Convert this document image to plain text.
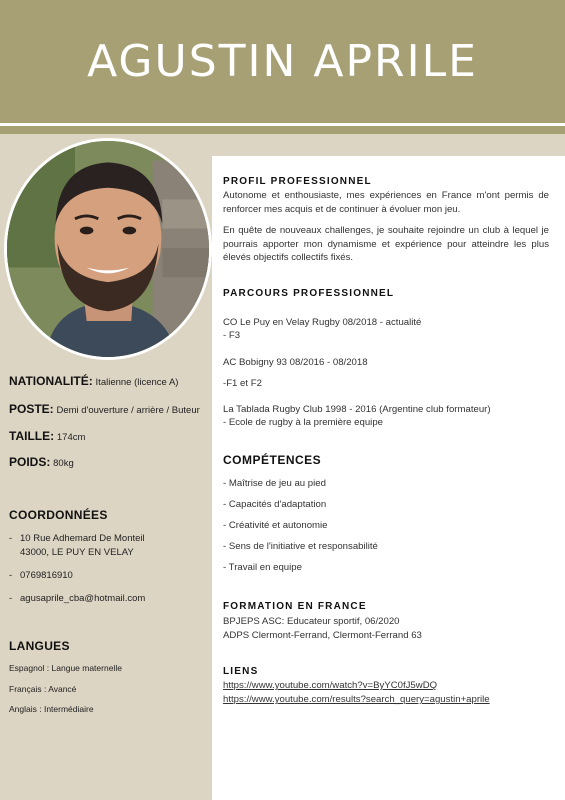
AGUSTIN APRILE
NATIONALITÉ: Italienne (licence A)
POSTE: Demi d'ouverture / arrière / Buteur
TAILLE: 174cm
POIDS: 80kg
COORDONNÉES
- 10 Rue Adhemard De Monteil
43000, LE PUY EN VELAY
- 0769816910
- agusaprile_cba@hotmail.com
LANGUES
Espagnol : Langue maternelle
Français : Avancé
Anglais : Intermédiaire
PROFIL PROFESSIONNEL
Autonome et enthousiaste, mes expériences en France m'ont permis de renforcer mes acquis et de continuer à évoluer mon jeu.
En quête de nouveaux challenges, je souhaite rejoindre un club à lequel je pourrais apporter mon dynamisme et expérience pour atteindre les plus élevés objectifs collectifs fixés.
PARCOURS PROFESSIONNEL
CO Le Puy en Velay Rugby 08/2018 - actualité
- F3
AC Bobigny 93 08/2016 - 08/2018
-F1 et F2
La Tablada Rugby Club 1998 - 2016 (Argentine club formateur)
- Ecole de rugby à la première equipe
COMPÉTENCES
- Maîtrise de jeu au pied
- Capacités d'adaptation
- Créativité et autonomie
- Sens de l'initiative et responsabilité
- Travail en equipe
FORMATION EN FRANCE
BPJEPS ASC: Educateur sportif, 06/2020
ADPS Clermont-Ferrand, Clermont-Ferrand 63
LIENS
https://www.youtube.com/watch?v=ByYC0fJ5wDQ
https://www.youtube.com/results?search_query=agustin+aprile
